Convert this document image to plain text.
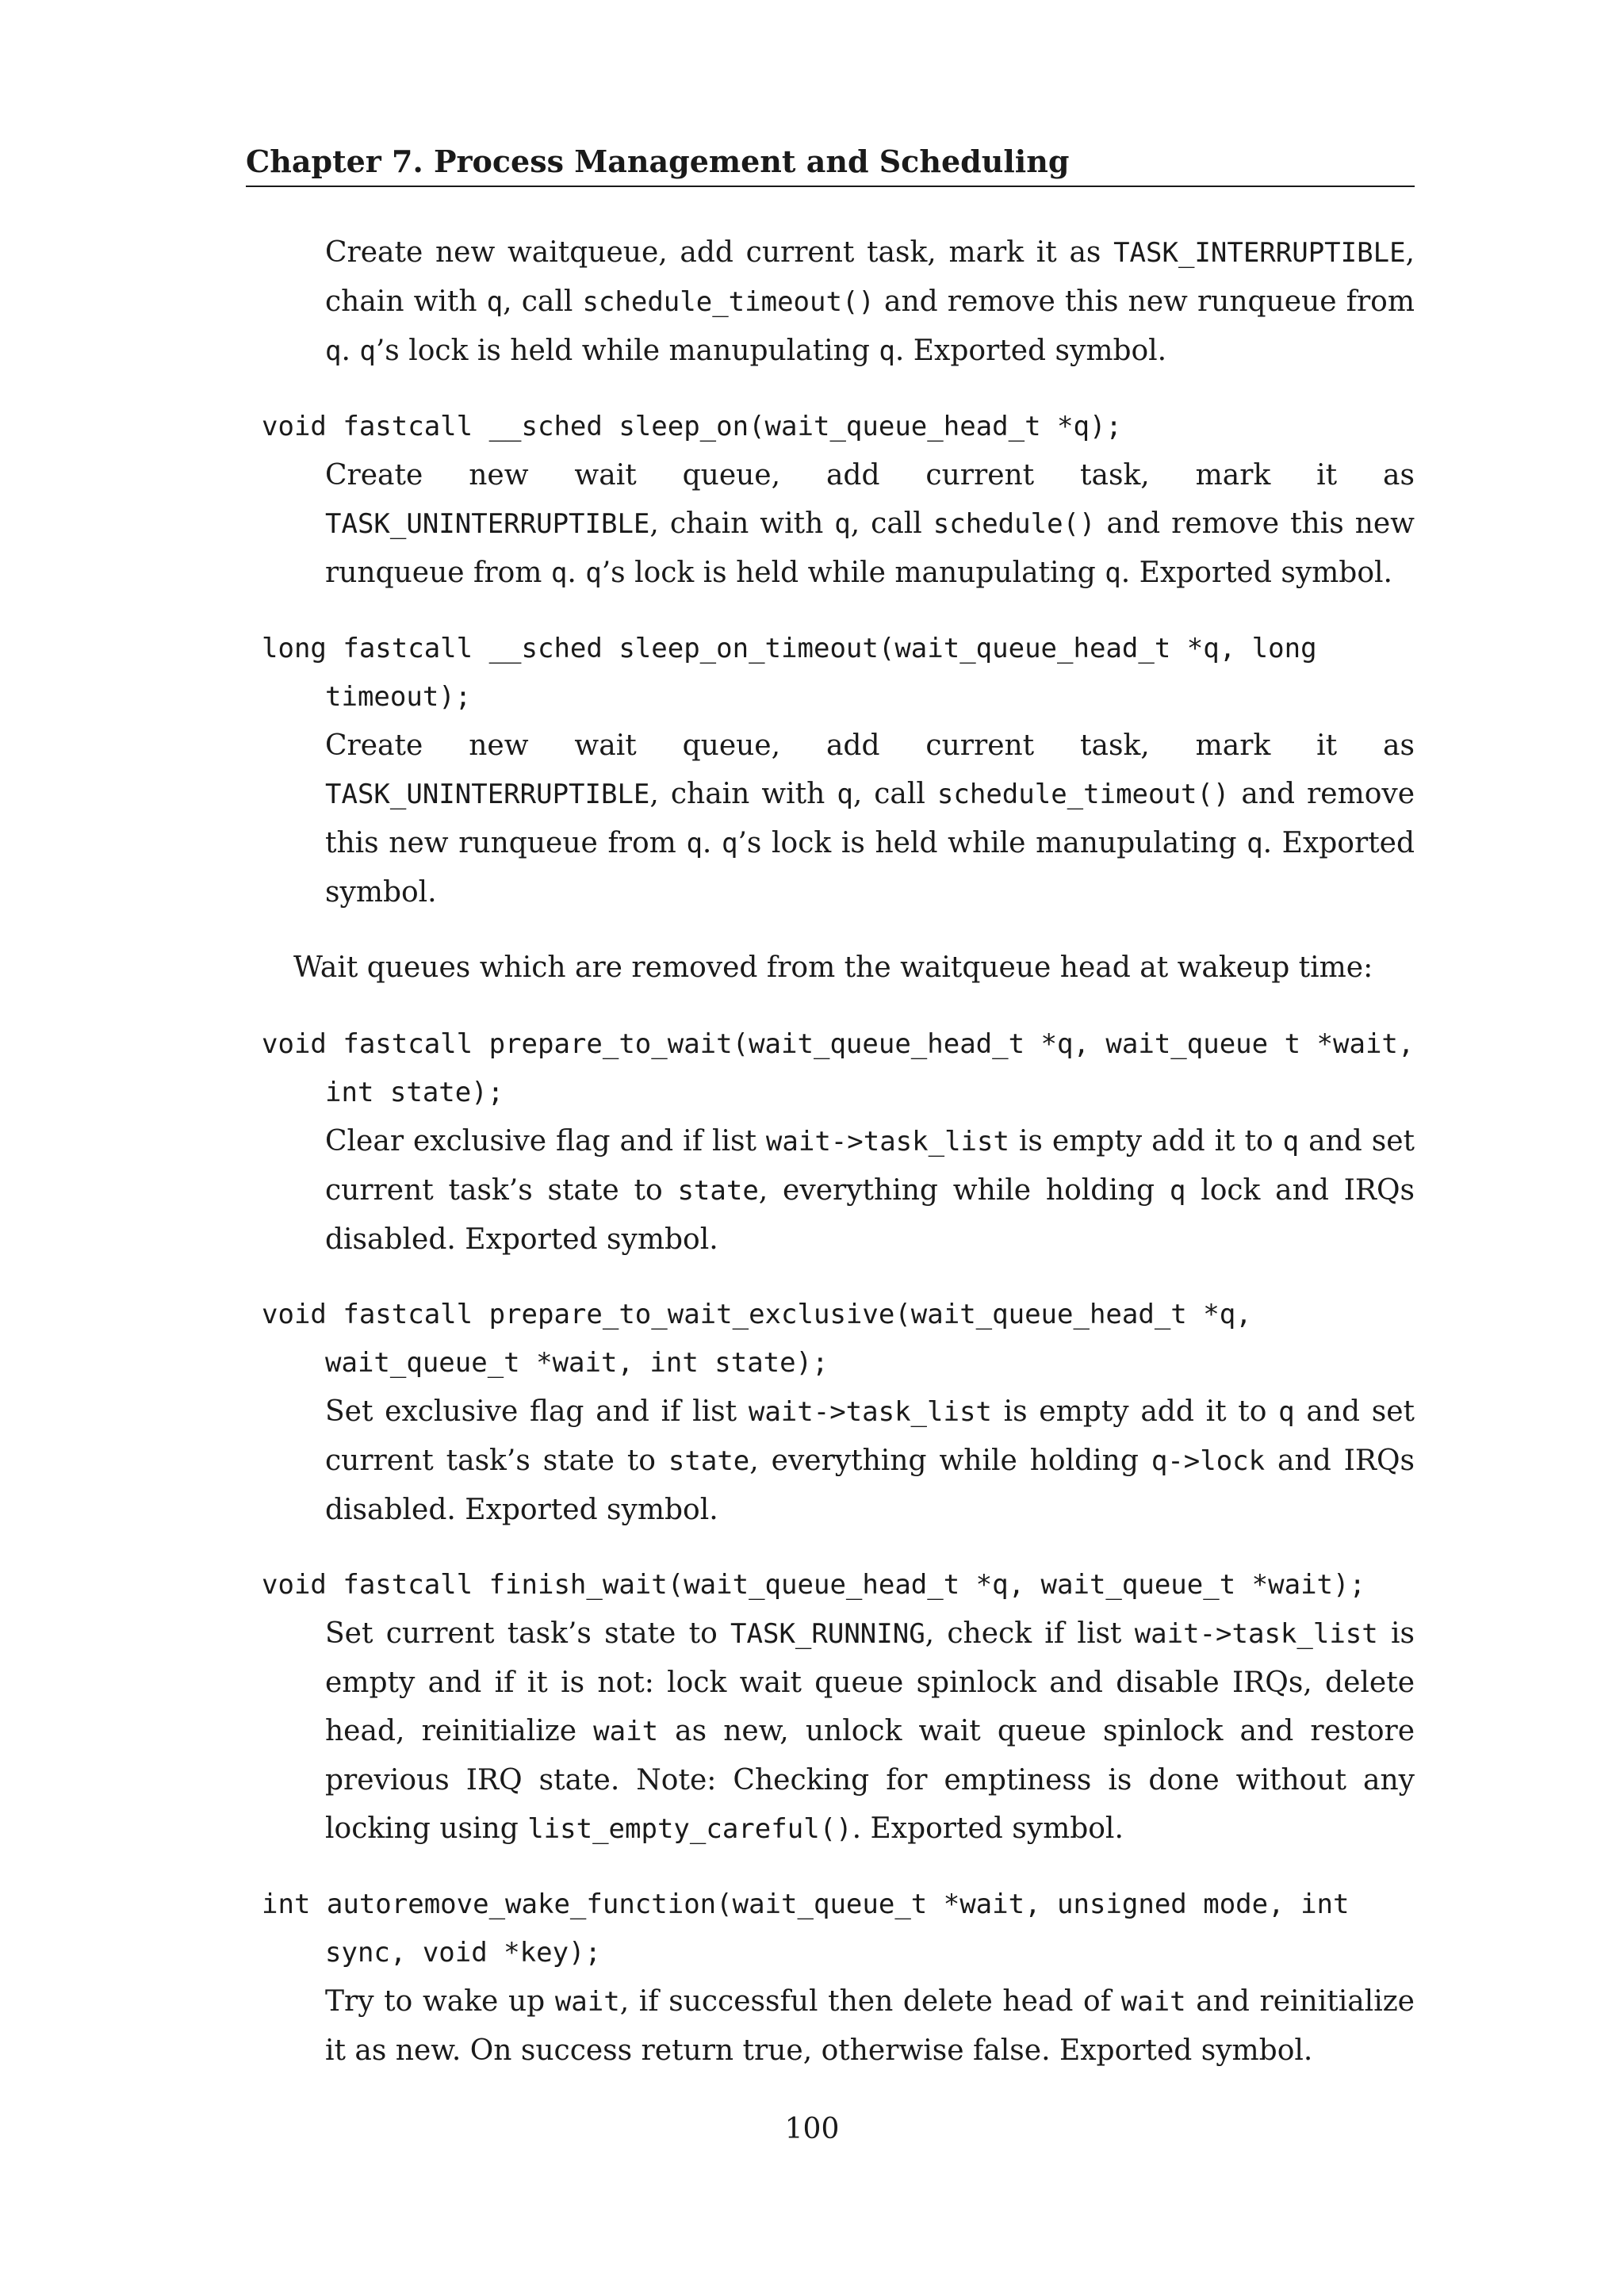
Chapter 7. Process Management and Scheduling
Create new waitqueue, add current task, mark it as TASK_INTERRUPTIBLE, chain with q, call schedule_timeout() and remove this new runqueue from q. q’s lock is held while manupulating q. Exported symbol.
void fastcall __sched sleep_on(wait_queue_head_t *q);
Create new wait queue, add current task, mark it as TASK_UNINTERRUPTIBLE, chain with q, call schedule() and remove this new runqueue from q. q’s lock is held while manupulating q. Exported symbol.
long fastcall __sched sleep_on_timeout(wait_queue_head_t *q, long timeout);
Create new wait queue, add current task, mark it as TASK_UNINTERRUPTIBLE, chain with q, call schedule_timeout() and remove this new runqueue from q. q’s lock is held while manupulating q. Exported symbol.
Wait queues which are removed from the waitqueue head at wakeup time:
void fastcall prepare_to_wait(wait_queue_head_t *q, wait_queue t *wait, int state);
Clear exclusive flag and if list wait->task_list is empty add it to q and set current task’s state to state, everything while holding q lock and IRQs disabled. Exported symbol.
void fastcall prepare_to_wait_exclusive(wait_queue_head_t *q, wait_queue_t *wait, int state);
Set exclusive flag and if list wait->task_list is empty add it to q and set current task’s state to state, everything while holding q->lock and IRQs disabled. Exported symbol.
void fastcall finish_wait(wait_queue_head_t *q, wait_queue_t *wait);
Set current task’s state to TASK_RUNNING, check if list wait->task_list is empty and if it is not: lock wait queue spinlock and disable IRQs, delete head, reinitialize wait as new, unlock wait queue spinlock and restore previous IRQ state. Note: Checking for emptiness is done without any locking using list_empty_careful(). Exported symbol.
int autoremove_wake_function(wait_queue_t *wait, unsigned mode, int sync, void *key);
Try to wake up wait, if successful then delete head of wait and reinitialize it as new. On success return true, otherwise false. Exported symbol.
100
